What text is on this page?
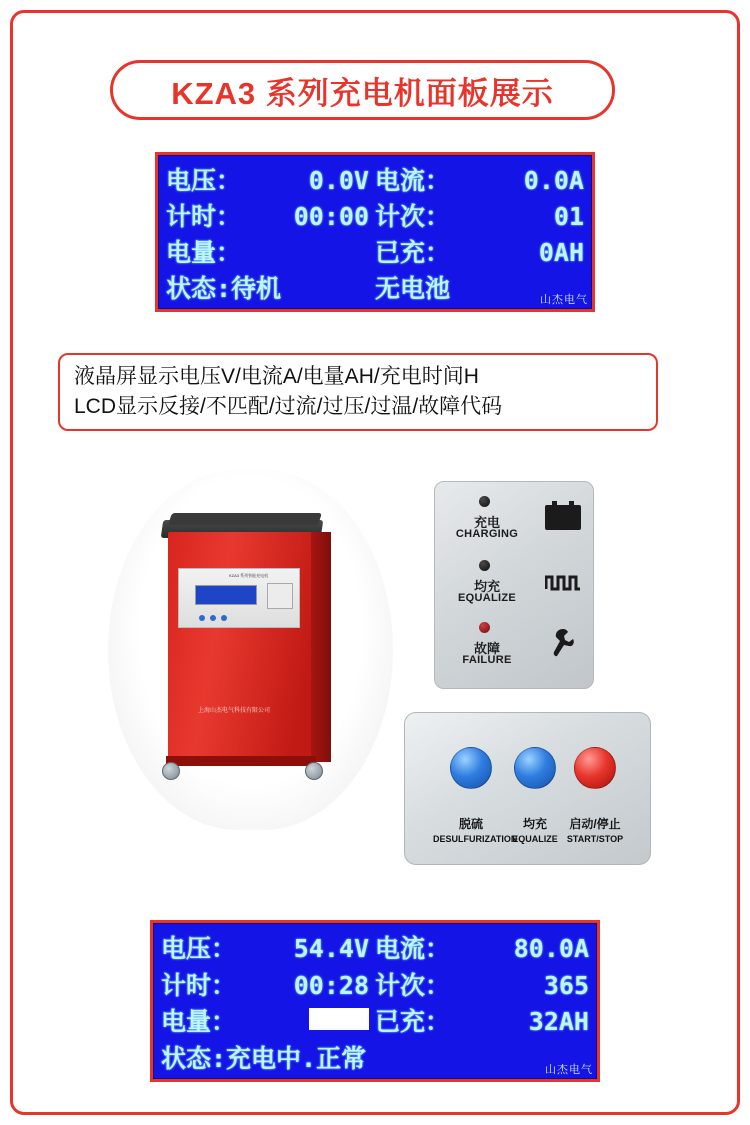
KZA3 系列充电机面板展示
电压：	0.0V 电流：	0.0A
计时： 00:00 计次：	01
电量：	已充：	0AH
状态:待机	无电池	山杰电气
液晶屏显示电压V/电流A/电量AH/充电时间H
LCD显示反接/不匹配/过流/过压/过温/故障代码
上海山杰电气科技有限公司
KZA3 系列智能充电机
充电
CHARGING
均充
EQUALIZE
故障
FAILURE
脱硫
DESULFURIZATION
均充
EQUALIZE
启动/停止
START/STOP
电压： 54.4V 电流：	80.0A
计时： 00:28 计次：	365
电量：	已充：	32AH
状态:充电中.正常	山杰电气
